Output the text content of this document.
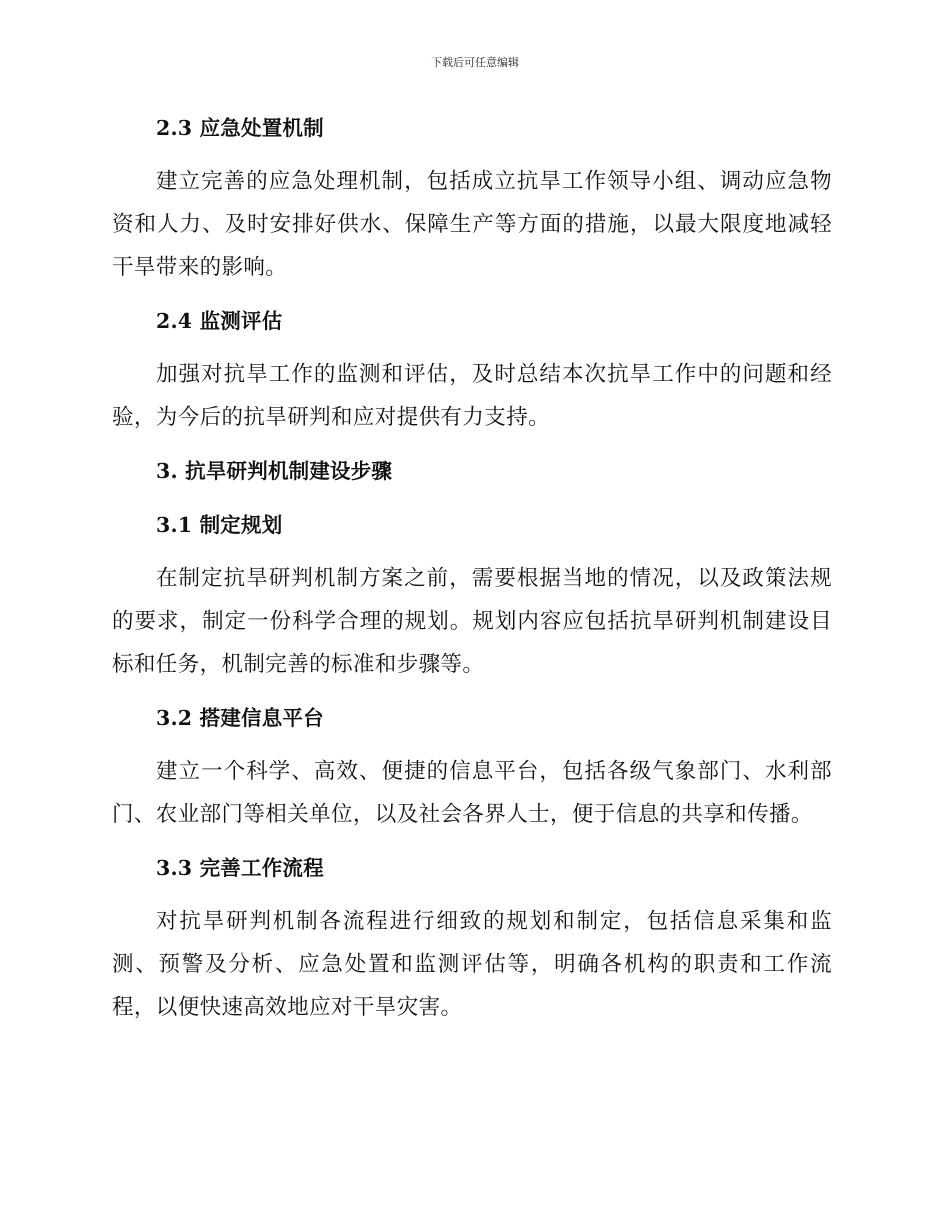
下载后可任意编辑
2.3 应急处置机制
建立完善的应急处理机制，包括成立抗旱工作领导小组、调动应急物资和人力、及时安排好供水、保障生产等方面的措施，以最大限度地减轻干旱带来的影响。
2.4 监测评估
加强对抗旱工作的监测和评估，及时总结本次抗旱工作中的问题和经验，为今后的抗旱研判和应对提供有力支持。
3. 抗旱研判机制建设步骤
3.1 制定规划
在制定抗旱研判机制方案之前，需要根据当地的情况，以及政策法规的要求，制定一份科学合理的规划。规划内容应包括抗旱研判机制建设目标和任务，机制完善的标准和步骤等。
3.2 搭建信息平台
建立一个科学、高效、便捷的信息平台，包括各级气象部门、水利部门、农业部门等相关单位，以及社会各界人士，便于信息的共享和传播。
3.3 完善工作流程
对抗旱研判机制各流程进行细致的规划和制定，包括信息采集和监测、预警及分析、应急处置和监测评估等，明确各机构的职责和工作流程，以便快速高效地应对干旱灾害。
